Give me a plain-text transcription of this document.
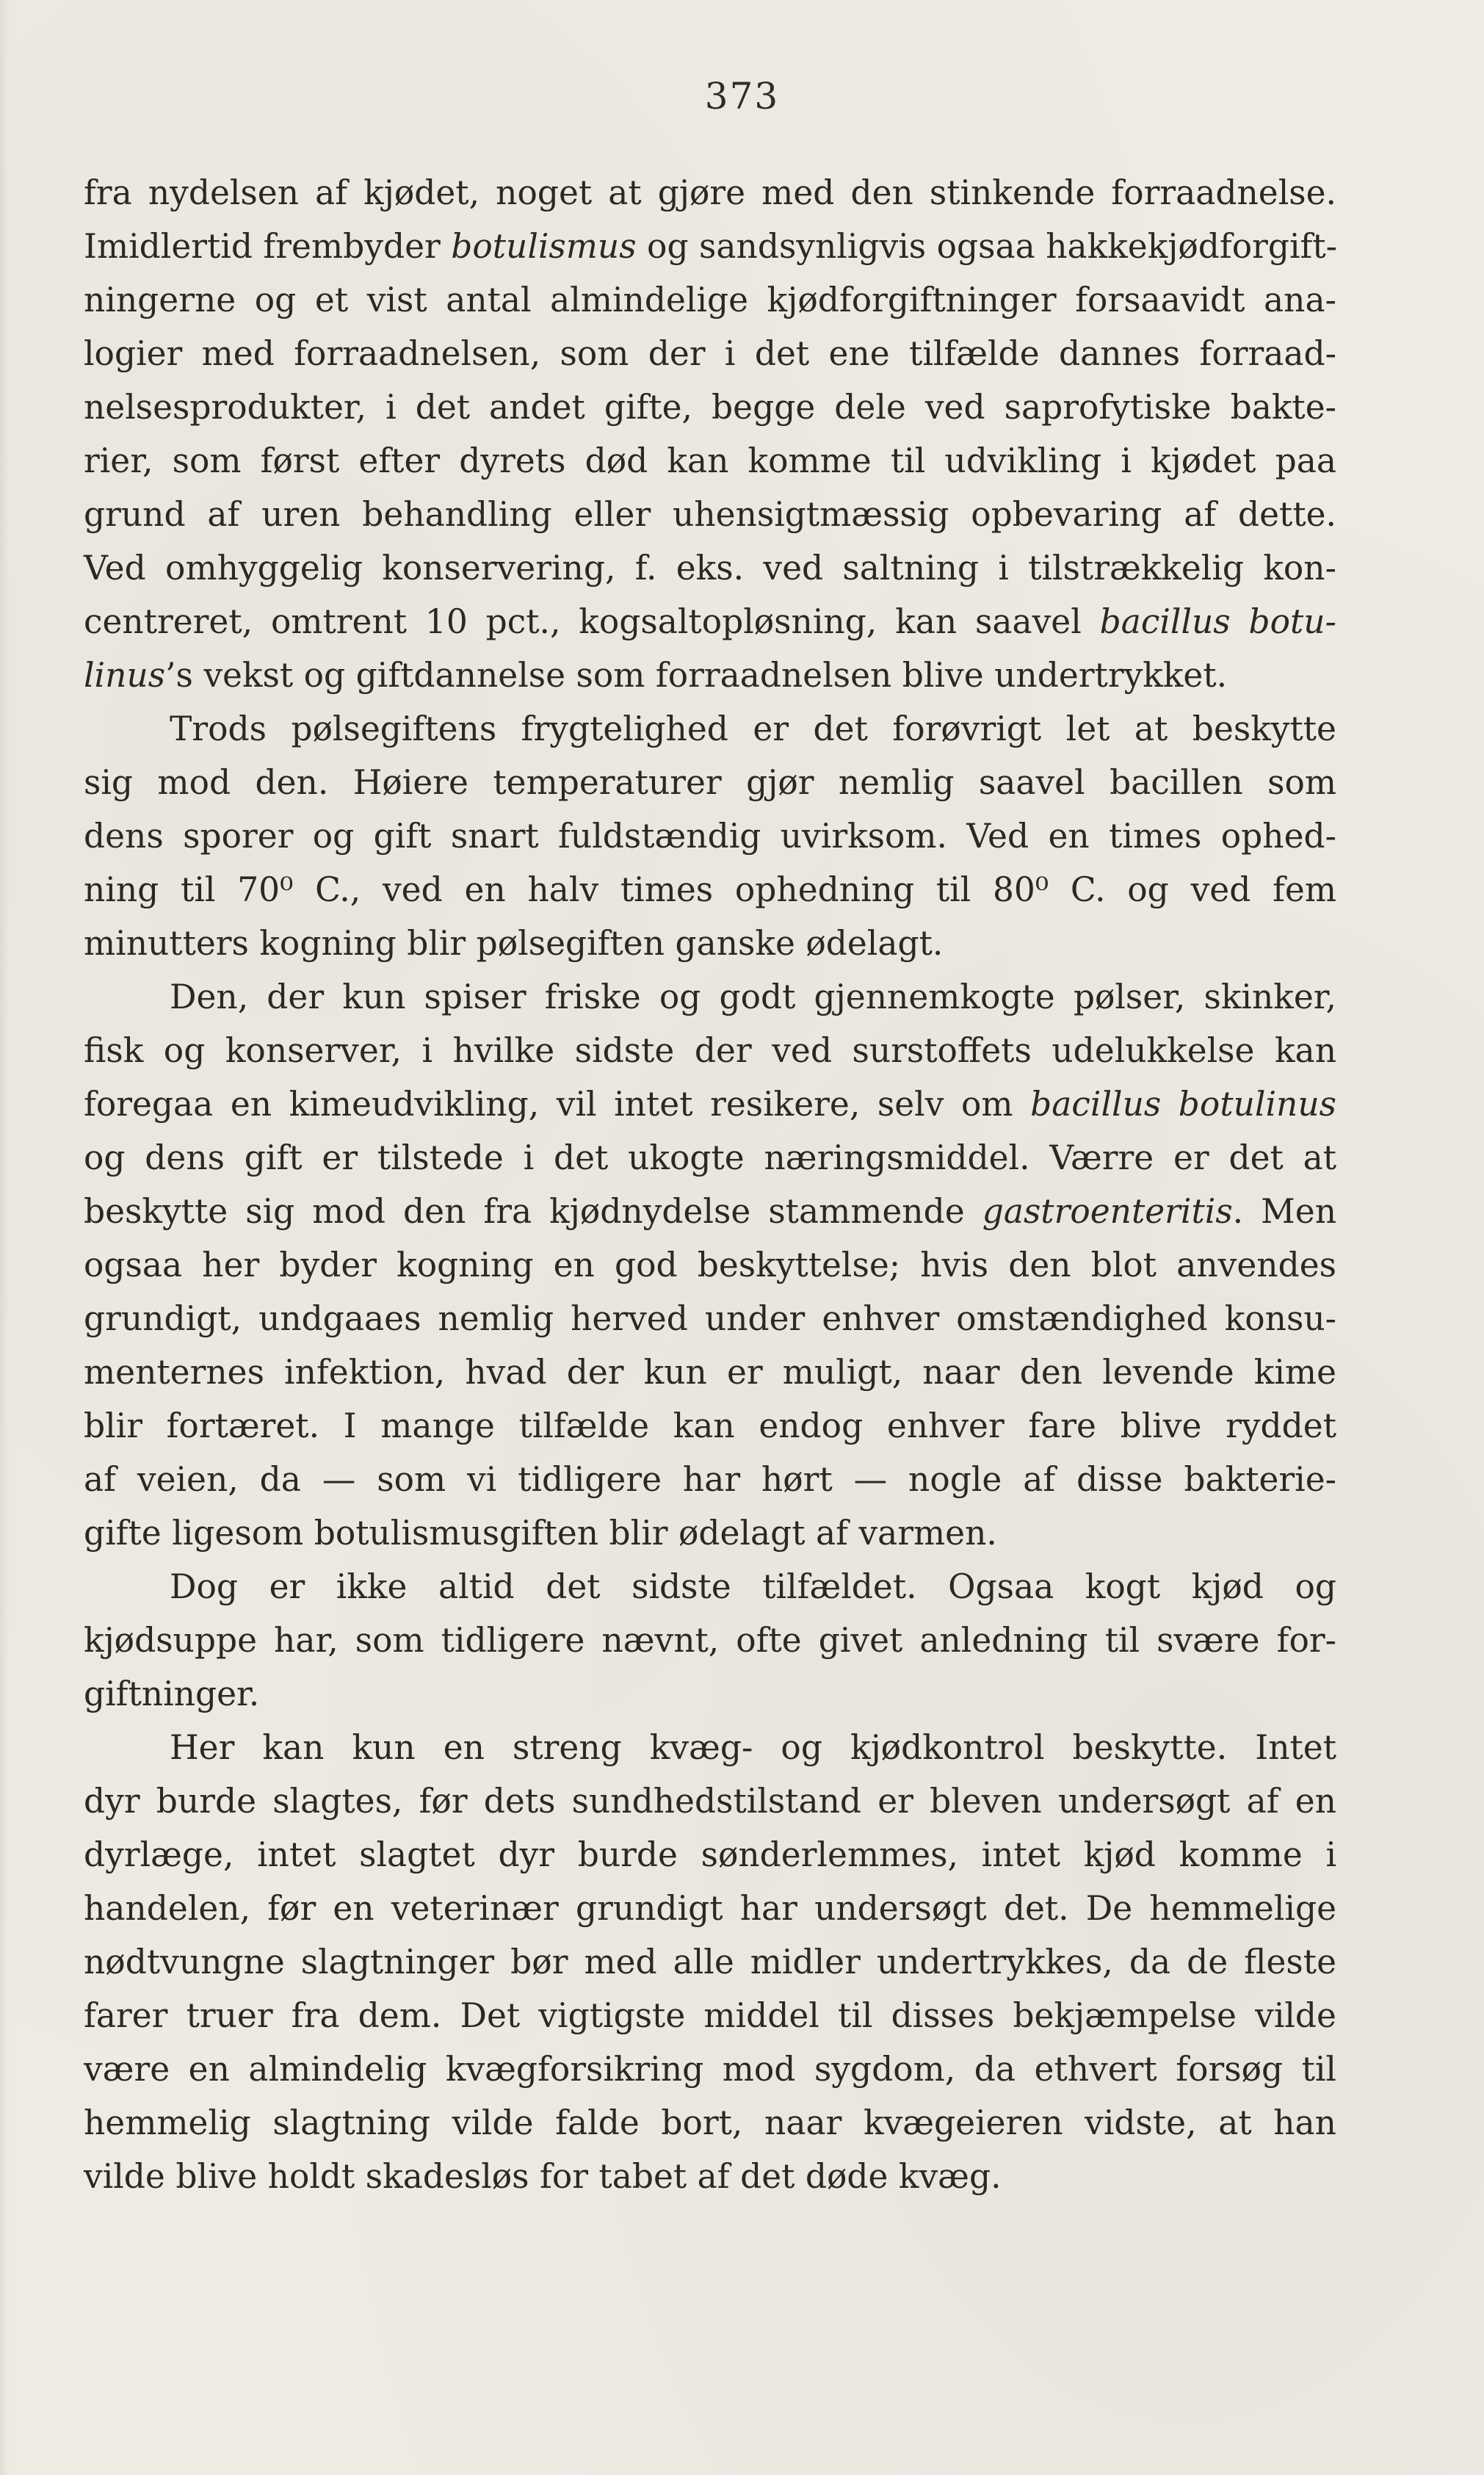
373
fra nydelsen af kjødet, noget at gjøre med den stinkende forraadnelse.
Imidlertid frembyder botulismus og sandsynligvis ogsaa hakkekjødforgift-
ningerne og et vist antal almindelige kjødforgiftninger forsaavidt ana-
logier med forraadnelsen, som der i det ene tilfælde dannes forraad-
nelsesprodukter, i det andet gifte, begge dele ved saprofytiske bakte-
rier, som først efter dyrets død kan komme til udvikling i kjødet paa
grund af uren behandling eller uhensigtmæssig opbevaring af dette.
Ved omhyggelig konservering, f. eks. ved saltning i tilstrækkelig kon-
centreret, omtrent 10 pct., kogsaltopløsning, kan saavel bacillus botu-
linus’s vekst og giftdannelse som forraadnelsen blive undertrykket.
Trods pølsegiftens frygtelighed er det forøvrigt let at beskytte
sig mod den. Høiere temperaturer gjør nemlig saavel bacillen som
dens sporer og gift snart fuldstændig uvirksom. Ved en times ophed-
ning til 70⁰ C., ved en halv times ophedning til 80⁰ C. og ved fem
minutters kogning blir pølsegiften ganske ødelagt.
Den, der kun spiser friske og godt gjennemkogte pølser, skinker,
fisk og konserver, i hvilke sidste der ved surstoffets udelukkelse kan
foregaa en kimeudvikling, vil intet resikere, selv om bacillus botulinus
og dens gift er tilstede i det ukogte næringsmiddel. Værre er det at
beskytte sig mod den fra kjødnydelse stammende gastroenteritis. Men
ogsaa her byder kogning en god beskyttelse; hvis den blot anvendes
grundigt, undgaaes nemlig herved under enhver omstændighed konsu-
menternes infektion, hvad der kun er muligt, naar den levende kime
blir fortæret. I mange tilfælde kan endog enhver fare blive ryddet
af veien, da — som vi tidligere har hørt — nogle af disse bakterie-
gifte ligesom botulismusgiften blir ødelagt af varmen.
Dog er ikke altid det sidste tilfældet. Ogsaa kogt kjød og
kjødsuppe har, som tidligere nævnt, ofte givet anledning til svære for-
giftninger.
Her kan kun en streng kvæg- og kjødkontrol beskytte. Intet
dyr burde slagtes, før dets sundhedstilstand er bleven undersøgt af en
dyrlæge, intet slagtet dyr burde sønderlemmes, intet kjød komme i
handelen, før en veterinær grundigt har undersøgt det. De hemmelige
nødtvungne slagtninger bør med alle midler undertrykkes, da de fleste
farer truer fra dem. Det vigtigste middel til disses bekjæmpelse vilde
være en almindelig kvægforsikring mod sygdom, da ethvert forsøg til
hemmelig slagtning vilde falde bort, naar kvægeieren vidste, at han
vilde blive holdt skadesløs for tabet af det døde kvæg.
